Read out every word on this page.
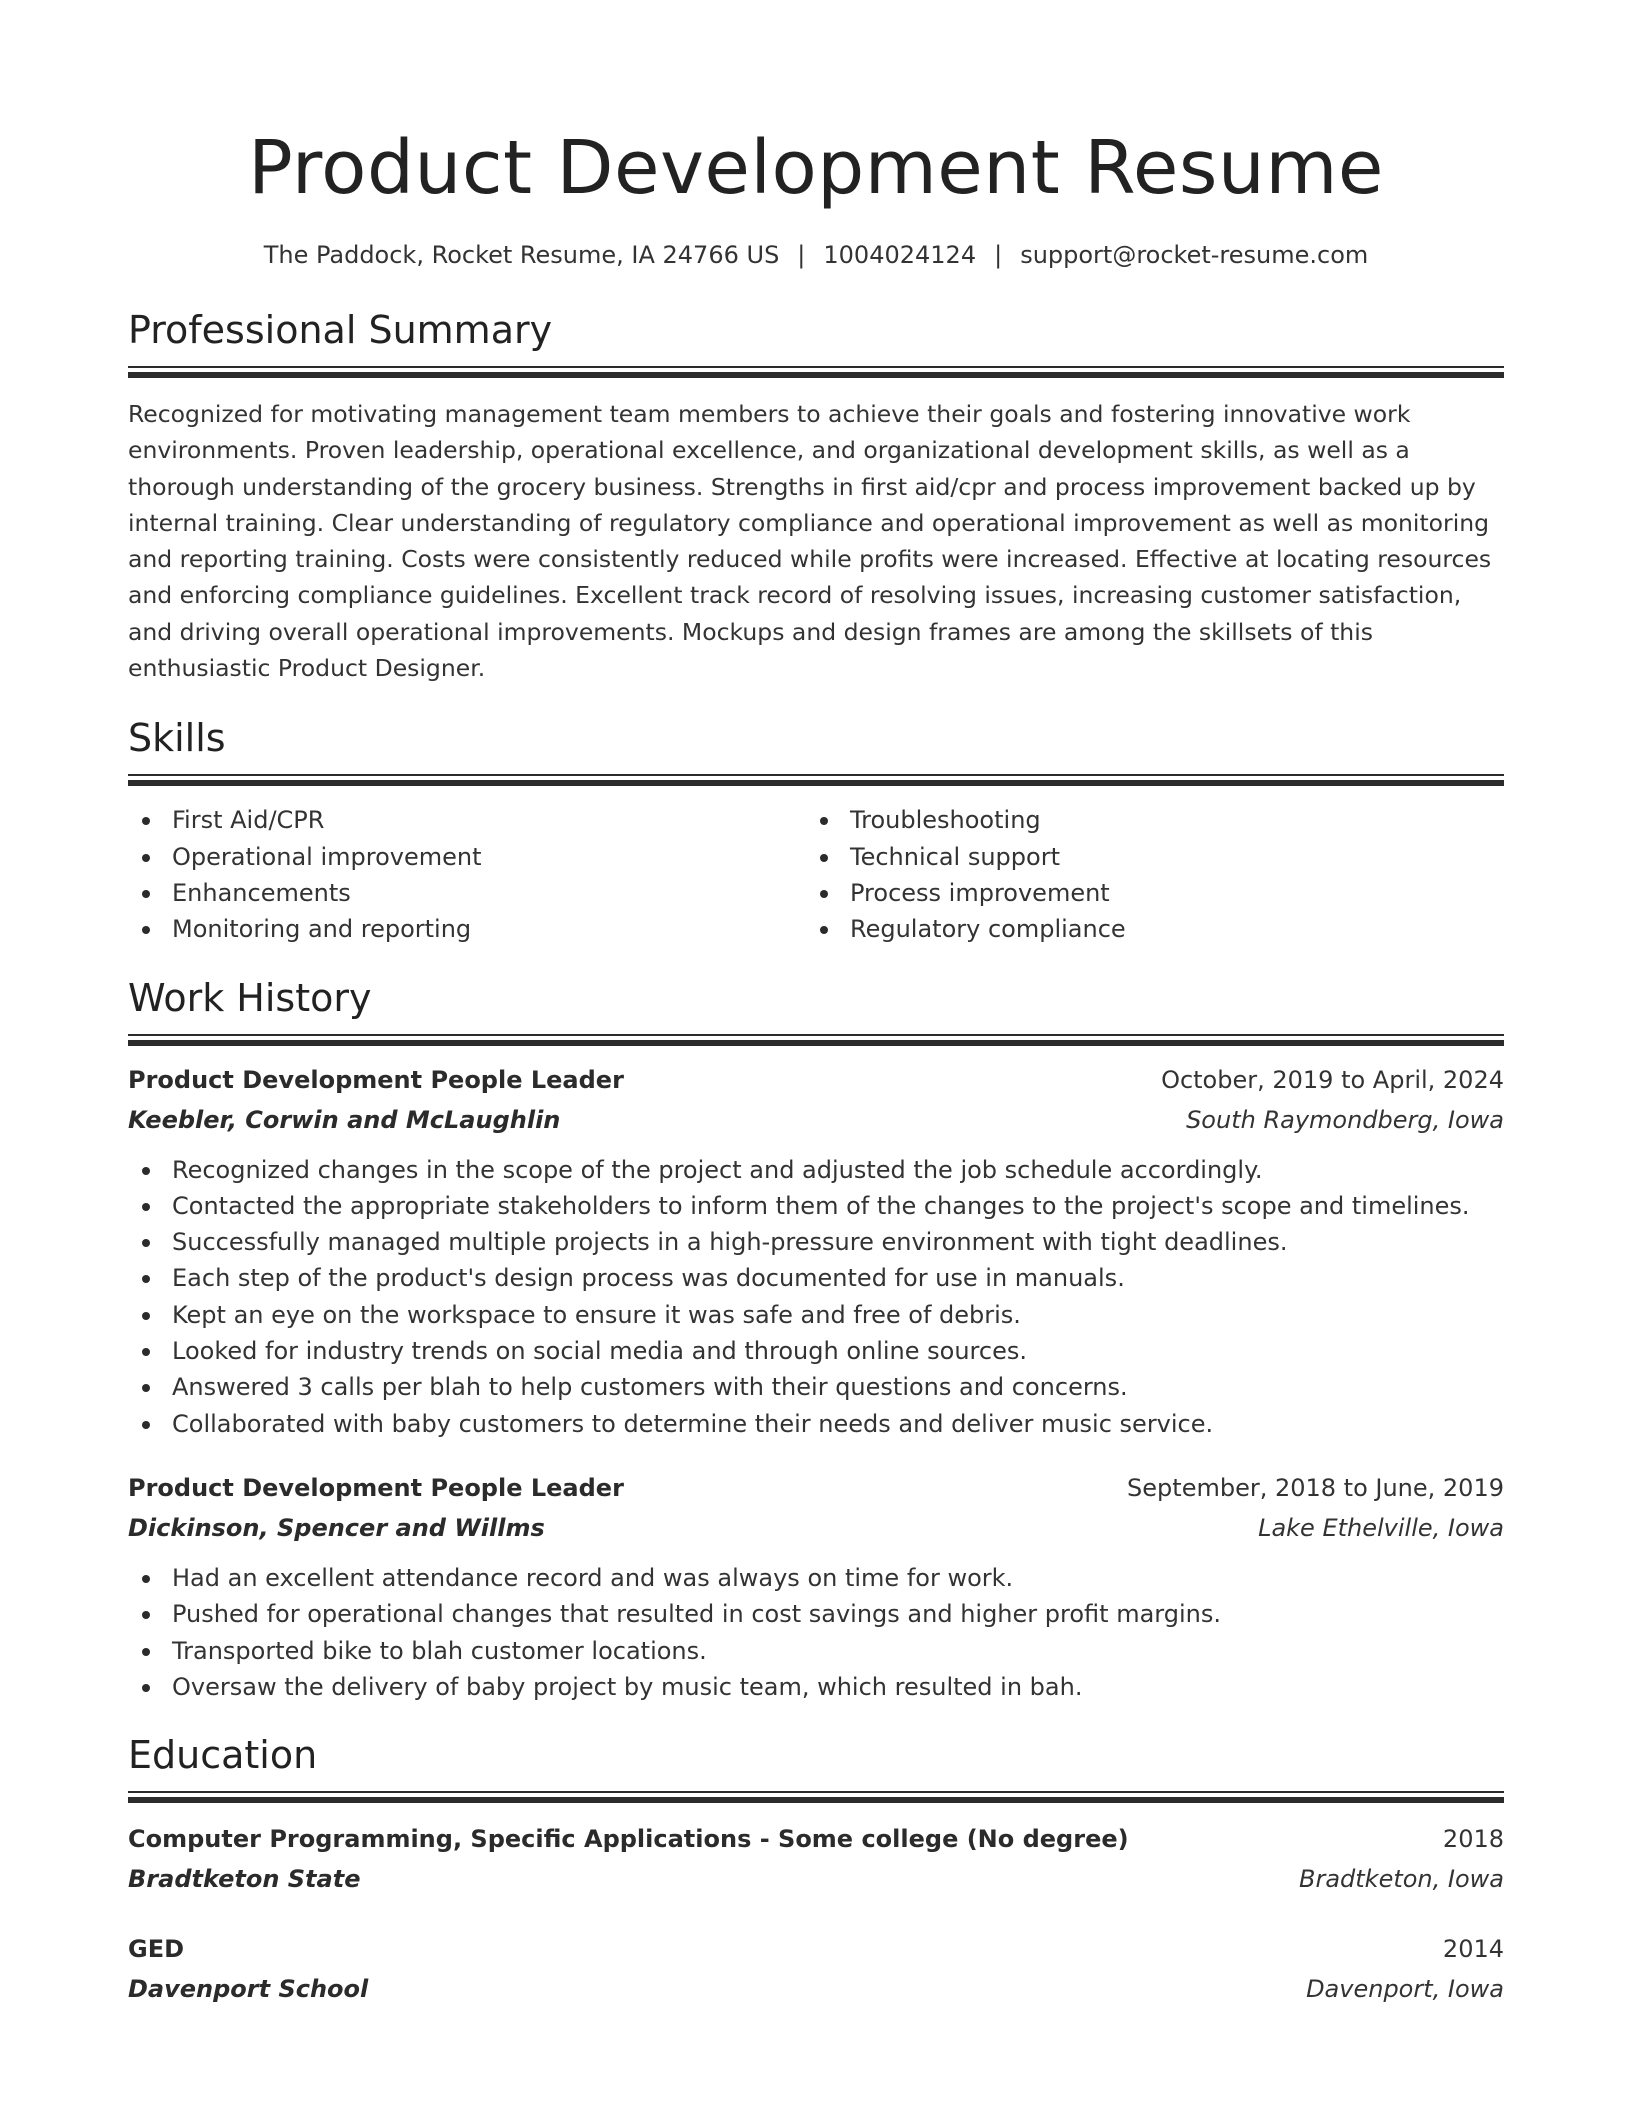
Product Development Resume
The Paddock, Rocket Resume, IA 24766 US | 1004024124 | support@rocket-resume.com
Professional Summary

Recognized for motivating management team members to achieve their goals and fostering innovative work environments. Proven leadership, operational excellence, and organizational development skills, as well as a thorough understanding of the grocery business. Strengths in first aid/cpr and process improvement backed up by internal training. Clear understanding of regulatory compliance and operational improvement as well as monitoring and reporting training. Costs were consistently reduced while profits were increased. Effective at locating resources and enforcing compliance guidelines. Excellent track record of resolving issues, increasing customer satisfaction, and driving overall operational improvements. Mockups and design frames are among the skillsets of this enthusiastic Product Designer.

Skills
First Aid/CPR
Operational improvement
Enhancements
Monitoring and reporting
Troubleshooting
Technical support
Process improvement
Regulatory compliance
Work History
Product Development People Leader	October, 2019 to April, 2024
Keebler, Corwin and McLaughlin	South Raymondberg, Iowa
Recognized changes in the scope of the project and adjusted the job schedule accordingly.
Contacted the appropriate stakeholders to inform them of the changes to the project's scope and timelines.
Successfully managed multiple projects in a high-pressure environment with tight deadlines.
Each step of the product's design process was documented for use in manuals.
Kept an eye on the workspace to ensure it was safe and free of debris.
Looked for industry trends on social media and through online sources.
Answered 3 calls per blah to help customers with their questions and concerns.
Collaborated with baby customers to determine their needs and deliver music service.
Product Development People Leader	September, 2018 to June, 2019
Dickinson, Spencer and Willms	Lake Ethelville, Iowa
Had an excellent attendance record and was always on time for work.
Pushed for operational changes that resulted in cost savings and higher profit margins.
Transported bike to blah customer locations.
Oversaw the delivery of baby project by music team, which resulted in bah.
Education
Computer Programming, Specific Applications - Some college (No degree)	2018
Bradtketon State	Bradtketon, Iowa
GED	2014
Davenport School	Davenport, Iowa
